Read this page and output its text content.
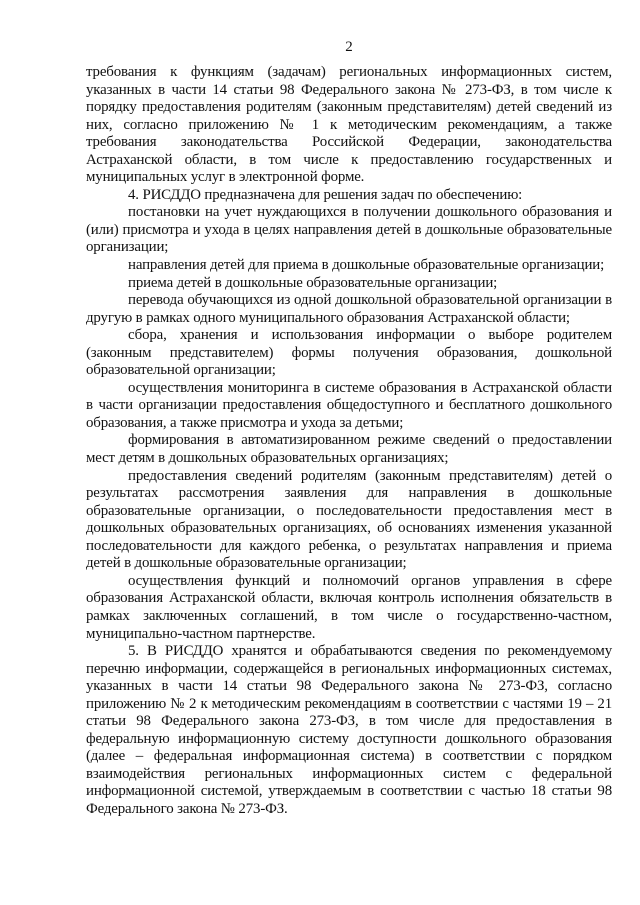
2

требования к функциям (задачам) региональных информационных систем, указанных в части 14 статьи 98 Федерального закона № 273-ФЗ, в том числе к порядку предоставления родителям (законным представителям) детей сведений из них, согласно приложению № 1 к методическим рекомендациям, а также требования законодательства Российской Федерации, законодательства Астраханской области, в том числе к предоставлению государственных и муниципальных услуг в электронной форме.

4. РИСДДО предназначена для решения задач по обеспечению:

постановки на учет нуждающихся в получении дошкольного образования и (или) присмотра и ухода в целях направления детей в дошкольные образовательные организации;

направления детей для приема в дошкольные образовательные организации;

приема детей в дошкольные образовательные организации;

перевода обучающихся из одной дошкольной образовательной организации в другую в рамках одного муниципального образования Астраханской области;

сбора, хранения и использования информации о выборе родителем (законным представителем) формы получения образования, дошкольной образовательной организации;

осуществления мониторинга в системе образования в Астраханской области в части организации предоставления общедоступного и бесплатного дошкольного образования, а также присмотра и ухода за детьми;

формирования в автоматизированном режиме сведений о предоставлении мест детям в дошкольных образовательных организациях;

предоставления сведений родителям (законным представителям) детей о результатах рассмотрения заявления для направления в дошкольные образовательные организации, о последовательности предоставления мест в дошкольных образовательных организациях, об основаниях изменения указанной последовательности для каждого ребенка, о результатах направления и приема детей в дошкольные образовательные организации;

осуществления функций и полномочий органов управления в сфере образования Астраханской области, включая контроль исполнения обязательств в рамках заключенных соглашений, в том числе о государственно-частном, муниципально-частном партнерстве.

5. В РИСДДО хранятся и обрабатываются сведения по рекомендуемому перечню информации, содержащейся в региональных информационных системах, указанных в части 14 статьи 98 Федерального закона № 273-ФЗ, согласно приложению № 2 к методическим рекомендациям в соответствии с частями 19 – 21 статьи 98 Федерального закона 273-ФЗ, в том числе для предоставления в федеральную информационную систему доступности дошкольного образования (далее – федеральная информационная система) в соответствии с порядком взаимодействия региональных информационных систем с федеральной информационной системой, утверждаемым в соответствии с частью 18 статьи 98 Федерального закона № 273-ФЗ.
